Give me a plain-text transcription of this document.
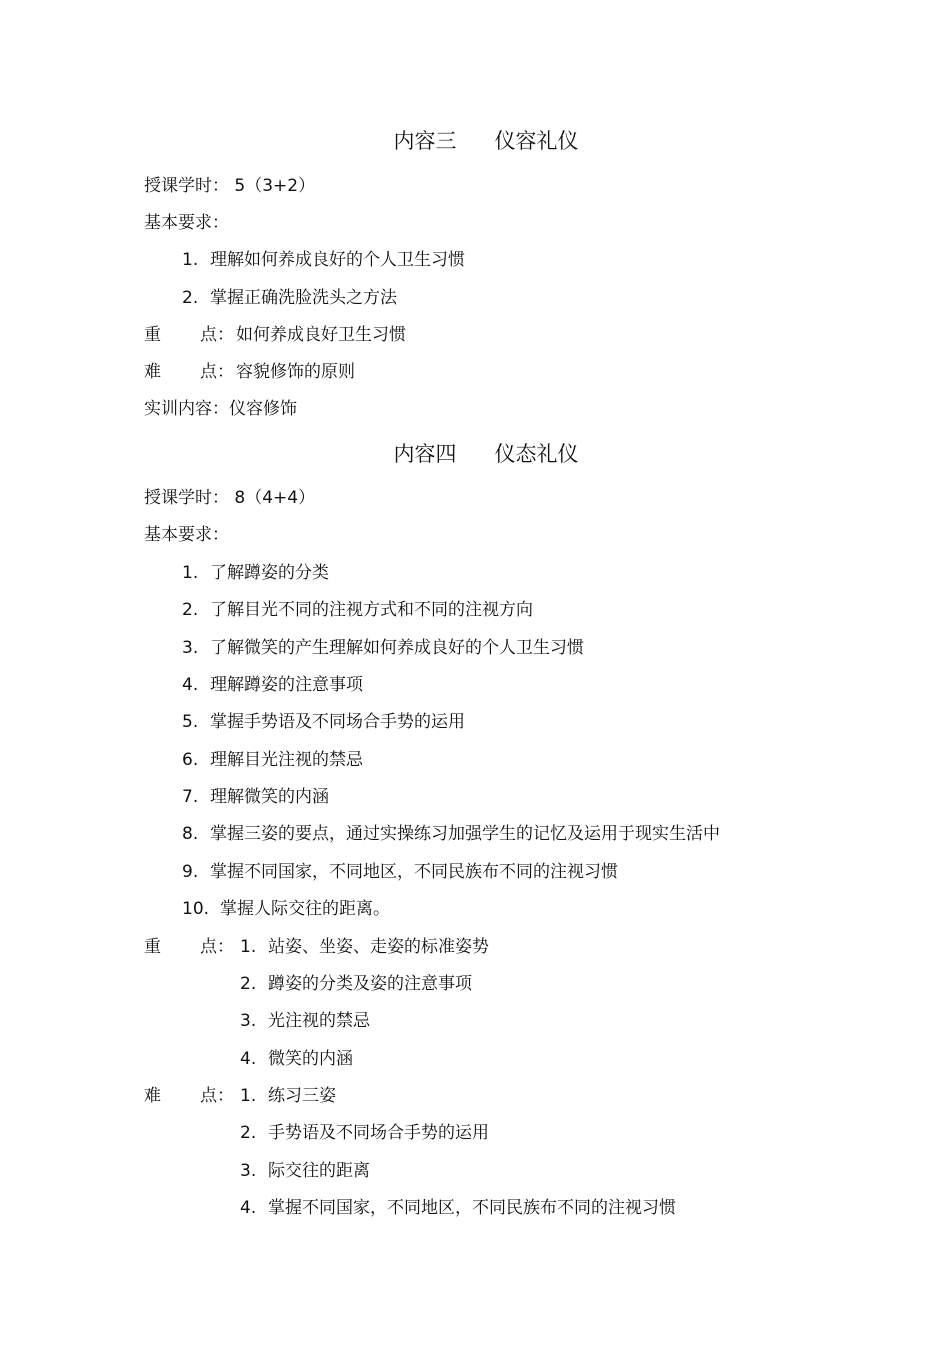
内容三 仪容礼仪
授课学时： 5（3+2）
基本要求：
1. 理解如何养成良好的个人卫生习惯
2. 掌握正确洗脸洗头之方法
重 点： 如何养成良好卫生习惯
难 点： 容貌修饰的原则
实训内容：仪容修饰
内容四 仪态礼仪
授课学时： 8（4+4）
基本要求：
1. 了解蹲姿的分类
2. 了解目光不同的注视方式和不同的注视方向
3. 了解微笑的产生理解如何养成良好的个人卫生习惯
4. 理解蹲姿的注意事项
5. 掌握手势语及不同场合手势的运用
6. 理解目光注视的禁忌
7. 理解微笑的内涵
8. 掌握三姿的要点，通过实操练习加强学生的记忆及运用于现实生活中
9. 掌握不同国家，不同地区，不同民族布不同的注视习惯
10. 掌握人际交往的距离。
重 点： 1. 站姿、坐姿、走姿的标准姿势
2. 蹲姿的分类及姿的注意事项
3. 光注视的禁忌
4. 微笑的内涵
难 点： 1. 练习三姿
2. 手势语及不同场合手势的运用
3. 际交往的距离
4. 掌握不同国家，不同地区，不同民族布不同的注视习惯
